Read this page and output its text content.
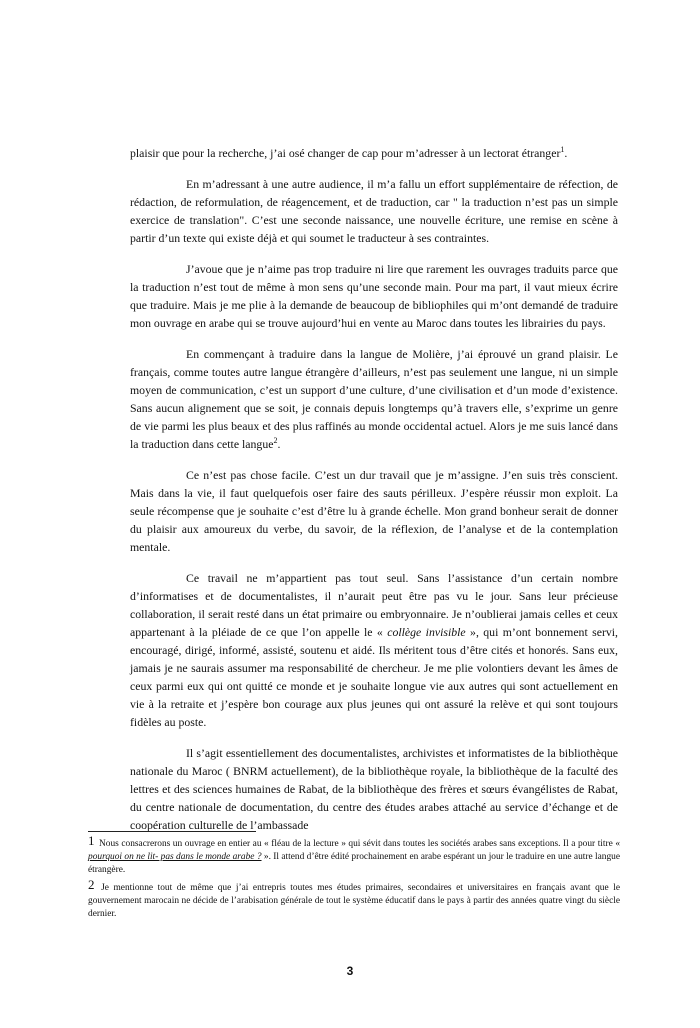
plaisir que pour la recherche, j’ai osé changer de cap pour m’adresser à un lectorat étranger$^1$.

En m’adressant à une autre audience, il m’a fallu un effort supplémentaire de réfection, de rédaction, de reformulation, de réagencement, et de traduction, car " la traduction n’est pas un simple exercice de translation". C’est une seconde naissance, une nouvelle écriture, une remise en scène à partir d’un texte qui existe déjà et qui soumet le traducteur à ses contraintes.

J’avoue que je n’aime pas trop traduire ni lire que rarement les ouvrages traduits parce que la traduction n’est tout de même à mon sens qu’une seconde main. Pour ma part, il vaut mieux écrire que traduire. Mais je me plie à la demande de beaucoup de bibliophiles qui m’ont demandé de traduire mon ouvrage en arabe qui se trouve aujourd’hui en vente au Maroc dans toutes les librairies du pays.

En commençant à traduire dans la langue de Molière, j’ai éprouvé un grand plaisir. Le français, comme toutes autre langue étrangère d’ailleurs, n’est pas seulement une langue, ni un simple moyen de communication, c’est un support d’une culture, d’une civilisation et d’un mode d’existence. Sans aucun alignement que se soit, je connais depuis longtemps qu’à travers elle, s’exprime un genre de vie parmi les plus beaux et des plus raffinés au monde occidental actuel. Alors je me suis lancé dans la traduction dans cette langue$^2$.

Ce n’est pas chose facile. C’est un dur travail que je m’assigne. J’en suis très conscient. Mais dans la vie, il faut quelquefois oser faire des sauts périlleux. J’espère réussir mon exploit. La seule récompense que je souhaite c’est d’être lu à grande échelle. Mon grand bonheur serait de donner du plaisir aux amoureux du verbe, du savoir, de la réflexion, de l’analyse et de la contemplation mentale.

Ce travail ne m’appartient pas tout seul. Sans l’assistance d’un certain nombre d’informatises et de documentalistes, il n’aurait peut être pas vu le jour. Sans leur précieuse collaboration, il serait resté dans un état primaire ou embryonnaire. Je n’oublierai jamais celles et ceux appartenant à la pléiade de ce que l’on appelle le « collège invisible », qui m’ont bonnement servi, encouragé, dirigé, informé, assisté, soutenu et aidé. Ils méritent tous d’être cités et honorés. Sans eux, jamais je ne saurais assumer ma responsabilité de chercheur. Je me plie volontiers devant les âmes de ceux parmi eux qui ont quitté ce monde et je souhaite longue vie aux autres qui sont actuellement en vie à la retraite et j’espère bon courage aux plus jeunes qui ont assuré la relève et qui sont toujours fidèles au poste.

Il s’agit essentiellement des documentalistes, archivistes et informatistes de la bibliothèque nationale du Maroc ( BNRM actuellement), de la bibliothèque royale, la bibliothèque de la faculté des lettres et des sciences humaines de Rabat, de la bibliothèque des frères et sœurs évangélistes de Rabat, du centre nationale de documentation, du centre des études arabes attaché au service d’échange et de coopération culturelle de l’ambassade

1 Nous consacrerons un ouvrage en entier au « fléau de la lecture » qui sévit dans toutes les sociétés arabes sans exceptions. Il a pour titre « pourquoi on ne lit- pas dans le monde arabe ? ». Il attend d’être édité prochainement en arabe espérant un jour le traduire en une autre langue étrangère.

2 Je mentionne tout de même que j’ai entrepris toutes mes études primaires, secondaires et universitaires en français avant que le gouvernement marocain ne décide de l’arabisation générale de tout le système éducatif dans le pays à partir des années quatre vingt du siècle dernier.

3
